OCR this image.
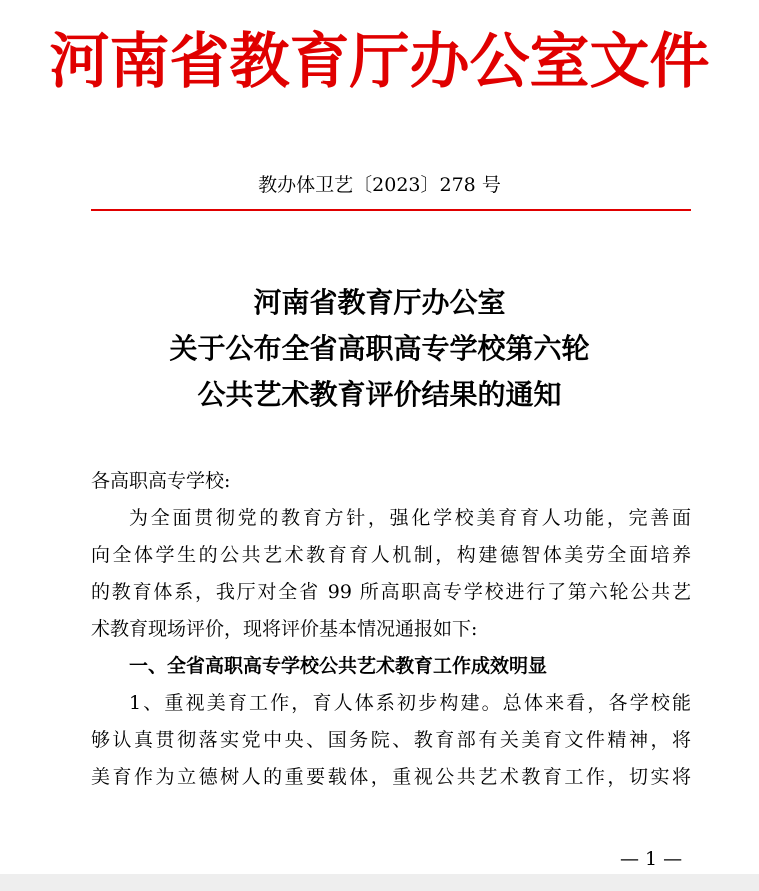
河南省教育厅办公室文件
教办体卫艺〔2023〕278 号
河南省教育厅办公室
关于公布全省高职高专学校第六轮
公共艺术教育评价结果的通知
各高职高专学校:
为全面贯彻党的教育方针，强化学校美育育人功能，完善面
向全体学生的公共艺术教育育人机制，构建德智体美劳全面培养
的教育体系，我厅对全省 99 所高职高专学校进行了第六轮公共艺
术教育现场评价，现将评价基本情况通报如下:
一、全省高职高专学校公共艺术教育工作成效明显
1、重视美育工作，育人体系初步构建。总体来看，各学校能
够认真贯彻落实党中央、国务院、教育部有关美育文件精神，将
美育作为立德树人的重要载体，重视公共艺术教育工作，切实将
— 1 —
